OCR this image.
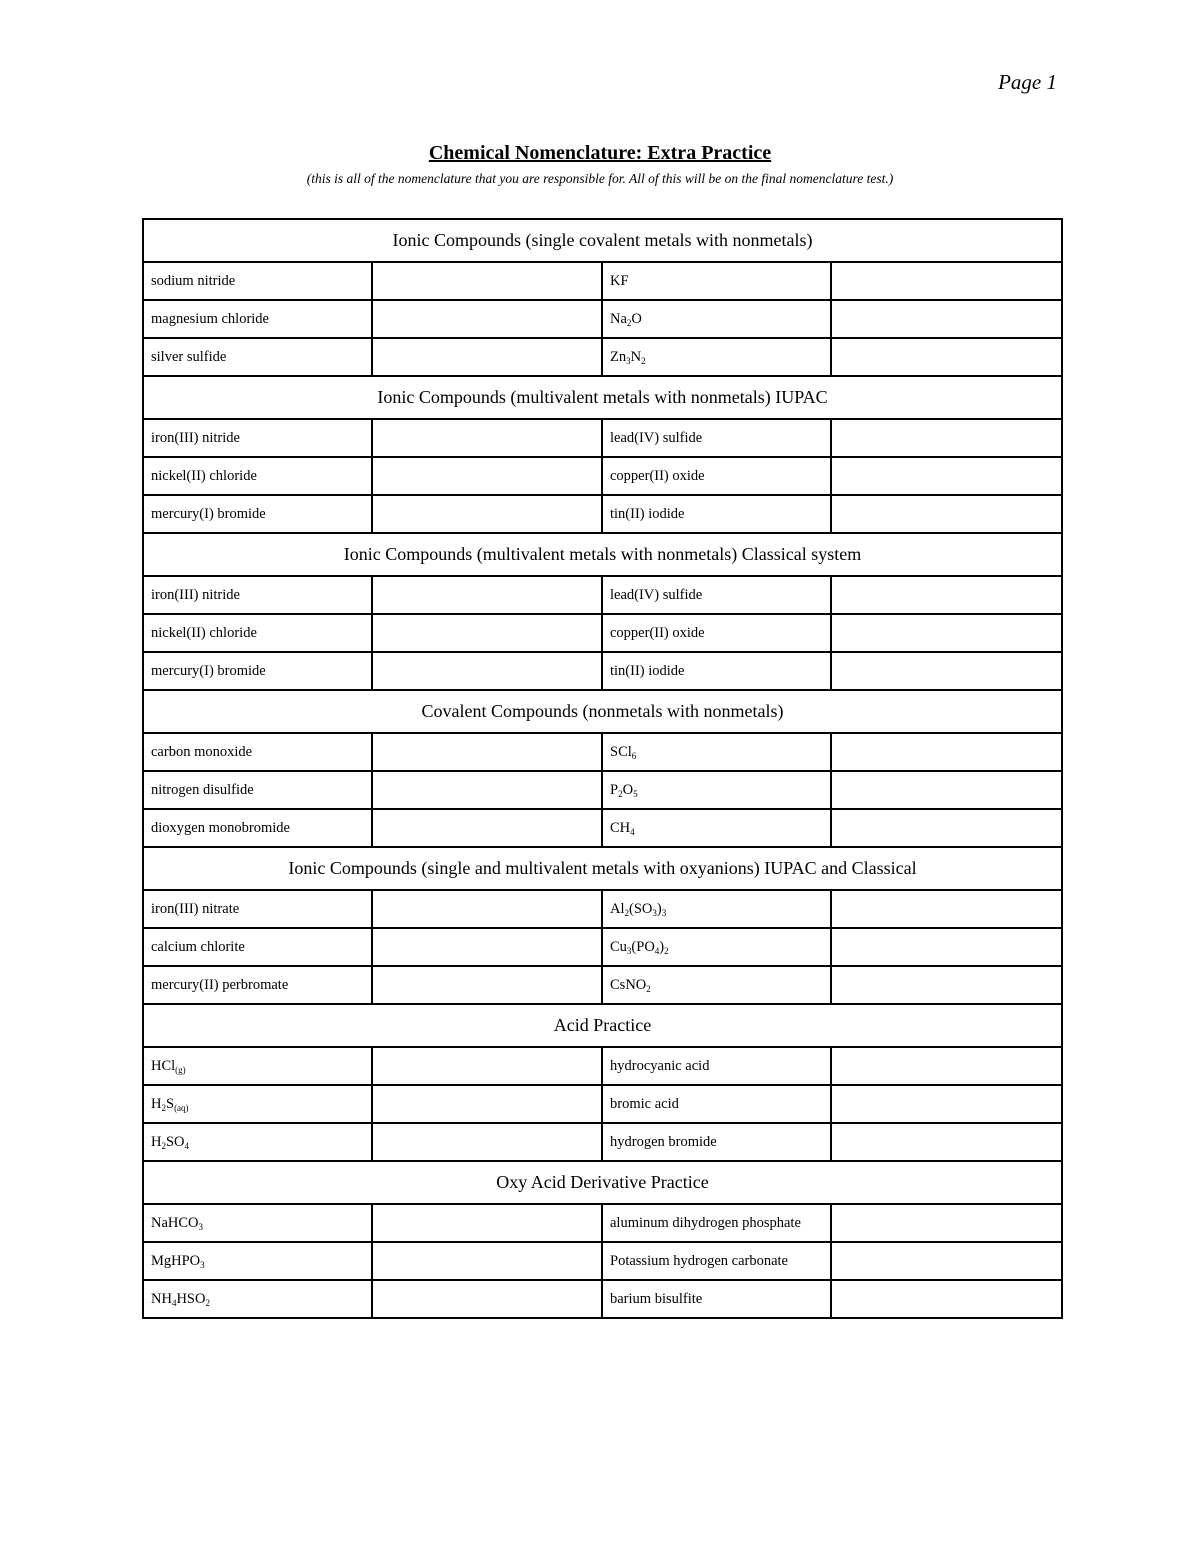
Page 1
Chemical Nomenclature: Extra Practice
(this is all of the nomenclature that you are responsible for. All of this will be on the final nomenclature test.)
Ionic Compounds (single covalent metals with nonmetals)			
sodium nitride		KF	
magnesium chloride		$Na_2O$	
silver sulfide		$Zn_3N_2$	
Ionic Compounds (multivalent metals with nonmetals) IUPAC			
iron(III) nitride		lead(IV) sulfide	
nickel(II) chloride		copper(II) oxide	
mercury(I) bromide		tin(II) iodide	
Ionic Compounds (multivalent metals with nonmetals) Classical system			
iron(III) nitride		lead(IV) sulfide	
nickel(II) chloride		copper(II) oxide	
mercury(I) bromide		tin(II) iodide	
Covalent Compounds (nonmetals with nonmetals)			
carbon monoxide		SCl$_6$	
nitrogen disulfide		$P_2O_5$	
dioxygen monobromide		$CH_4$	
Ionic Compounds (single and multivalent metals with oxyanions) IUPAC and Classical			
iron(III) nitrate		$Al_2(SO_3)_3$	
calcium chlorite		$Cu_3(PO_4)_2$	
mercury(II) perbromate		CsNO$_2$	
Acid Practice			
HCl$_{(g)}$		hydrocyanic acid	
$H_2S_{(aq)}$		bromic acid	
$H_2SO_4$		hydrogen bromide	
Oxy Acid Derivative Practice			
NaHCO$_3$		aluminum dihydrogen phosphate	
MgHPO$_3$		Potassium hydrogen carbonate	
$NH_4HSO_2$		barium bisulfite	
